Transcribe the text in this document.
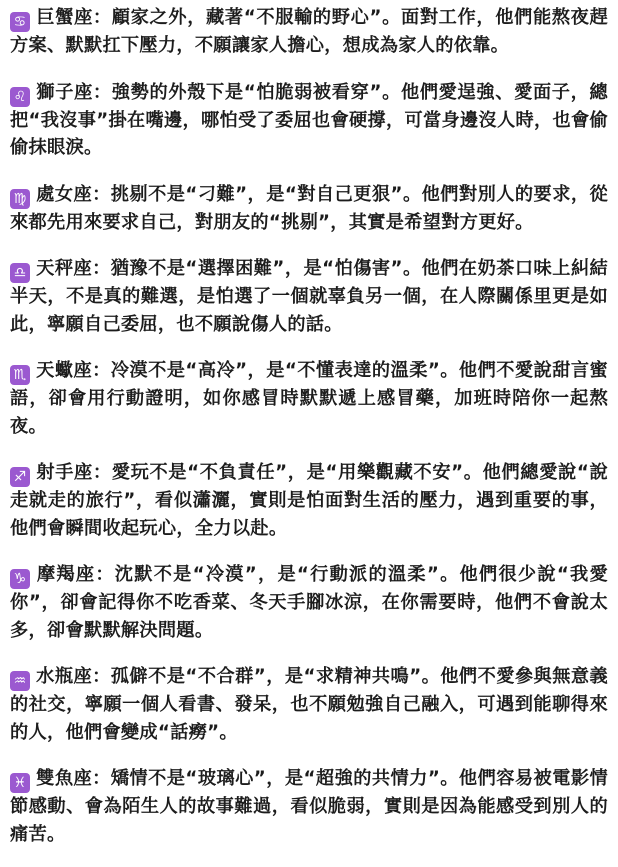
♋ 巨蟹座：顧家之外，藏著“不服輸的野心”。面對工作，他們能熬夜趕方案、默默扛下壓力，不願讓家人擔心，想成為家人的依靠。

♌ 獅子座：強勢的外殼下是“怕脆弱被看穿”。他們愛逞強、愛面子，總把“我沒事”掛在嘴邊，哪怕受了委屈也會硬撐，可當身邊沒人時，也會偷偷抹眼淚。

♍ 處女座：挑剔不是“刁難”，是“對自己更狠”。他們對別人的要求，從來都先用來要求自己，對朋友的“挑剔”，其實是希望對方更好。

♎ 天秤座：猶豫不是“選擇困難”，是“怕傷害”。他們在奶茶口味上糾結半天，不是真的難選，是怕選了一個就辜負另一個，在人際關係里更是如此，寧願自己委屈，也不願說傷人的話。

♏ 天蠍座：冷漠不是“高冷”，是“不懂表達的溫柔”。他們不愛說甜言蜜語，卻會用行動證明，如你感冒時默默遞上感冒藥，加班時陪你一起熬夜。

♐ 射手座：愛玩不是“不負責任”，是“用樂觀藏不安”。他們總愛說“說走就走的旅行”，看似瀟灑，實則是怕面對生活的壓力，遇到重要的事，他們會瞬間收起玩心，全力以赴。

♑ 摩羯座：沈默不是“冷漠”，是“行動派的溫柔”。他們很少說“我愛你”，卻會記得你不吃香菜、冬天手腳冰涼，在你需要時，他們不會說太多，卻會默默解決問題。

♒ 水瓶座：孤僻不是“不合群”，是“求精神共鳴”。他們不愛參與無意義的社交，寧願一個人看書、發呆，也不願勉強自己融入，可遇到能聊得來的人，他們會變成“話癆”。

♓ 雙魚座：矯情不是“玻璃心”，是“超強的共情力”。他們容易被電影情節感動、會為陌生人的故事難過，看似脆弱，實則是因為能感受到別人的痛苦。
